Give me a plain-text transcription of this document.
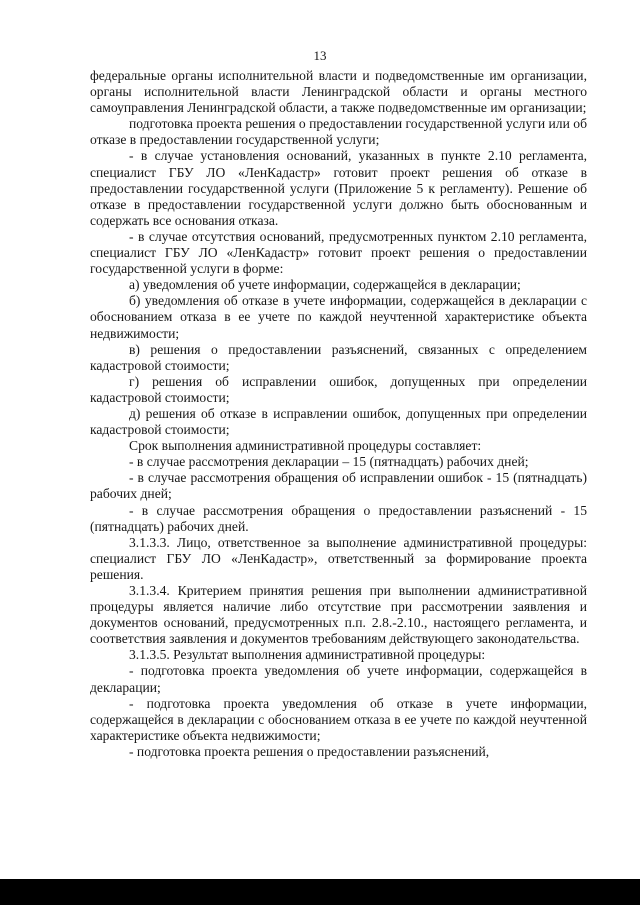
13

федеральные органы исполнительной власти и подведомственные им организации, органы исполнительной власти Ленинградской области и органы местного самоуправления Ленинградской области, а также подведомственные им организации;

подготовка проекта решения о предоставлении государственной услуги или об отказе в предоставлении государственной услуги;

- в случае установления оснований, указанных в пункте 2.10 регламента, специалист ГБУ ЛО «ЛенКадастр» готовит проект решения об отказе в предоставлении государственной услуги (Приложение 5 к регламенту). Решение об отказе в предоставлении государственной услуги должно быть обоснованным и содержать все основания отказа.

- в случае отсутствия оснований, предусмотренных пунктом 2.10 регламента, специалист ГБУ ЛО «ЛенКадастр» готовит проект решения о предоставлении государственной услуги в форме:

а) уведомления об учете информации, содержащейся в декларации;

б) уведомления об отказе в учете информации, содержащейся в декларации с обоснованием отказа в ее учете по каждой неучтенной характеристике объекта недвижимости;

в) решения о предоставлении разъяснений, связанных с определением кадастровой стоимости;

г) решения об исправлении ошибок, допущенных при определении кадастровой стоимости;

д) решения об отказе в исправлении ошибок, допущенных при определении кадастровой стоимости;

Срок выполнения административной процедуры составляет:

- в случае рассмотрения декларации – 15 (пятнадцать) рабочих дней;

- в случае рассмотрения обращения об исправлении ошибок - 15 (пятнадцать) рабочих дней;

- в случае рассмотрения обращения о предоставлении разъяснений - 15 (пятнадцать) рабочих дней.

3.1.3.3. Лицо, ответственное за выполнение административной процедуры: специалист ГБУ ЛО «ЛенКадастр», ответственный за формирование проекта решения.

3.1.3.4. Критерием принятия решения при выполнении административной процедуры является наличие либо отсутствие при рассмотрении заявления и документов оснований, предусмотренных п.п. 2.8.-2.10., настоящего регламента, и соответствия заявления и документов требованиям действующего законодательства.

3.1.3.5. Результат выполнения административной процедуры:

- подготовка проекта уведомления об учете информации, содержащейся в декларации;

- подготовка проекта уведомления об отказе в учете информации, содержащейся в декларации с обоснованием отказа в ее учете по каждой неучтенной характеристике объекта недвижимости;

- подготовка проекта решения о предоставлении разъяснений,
